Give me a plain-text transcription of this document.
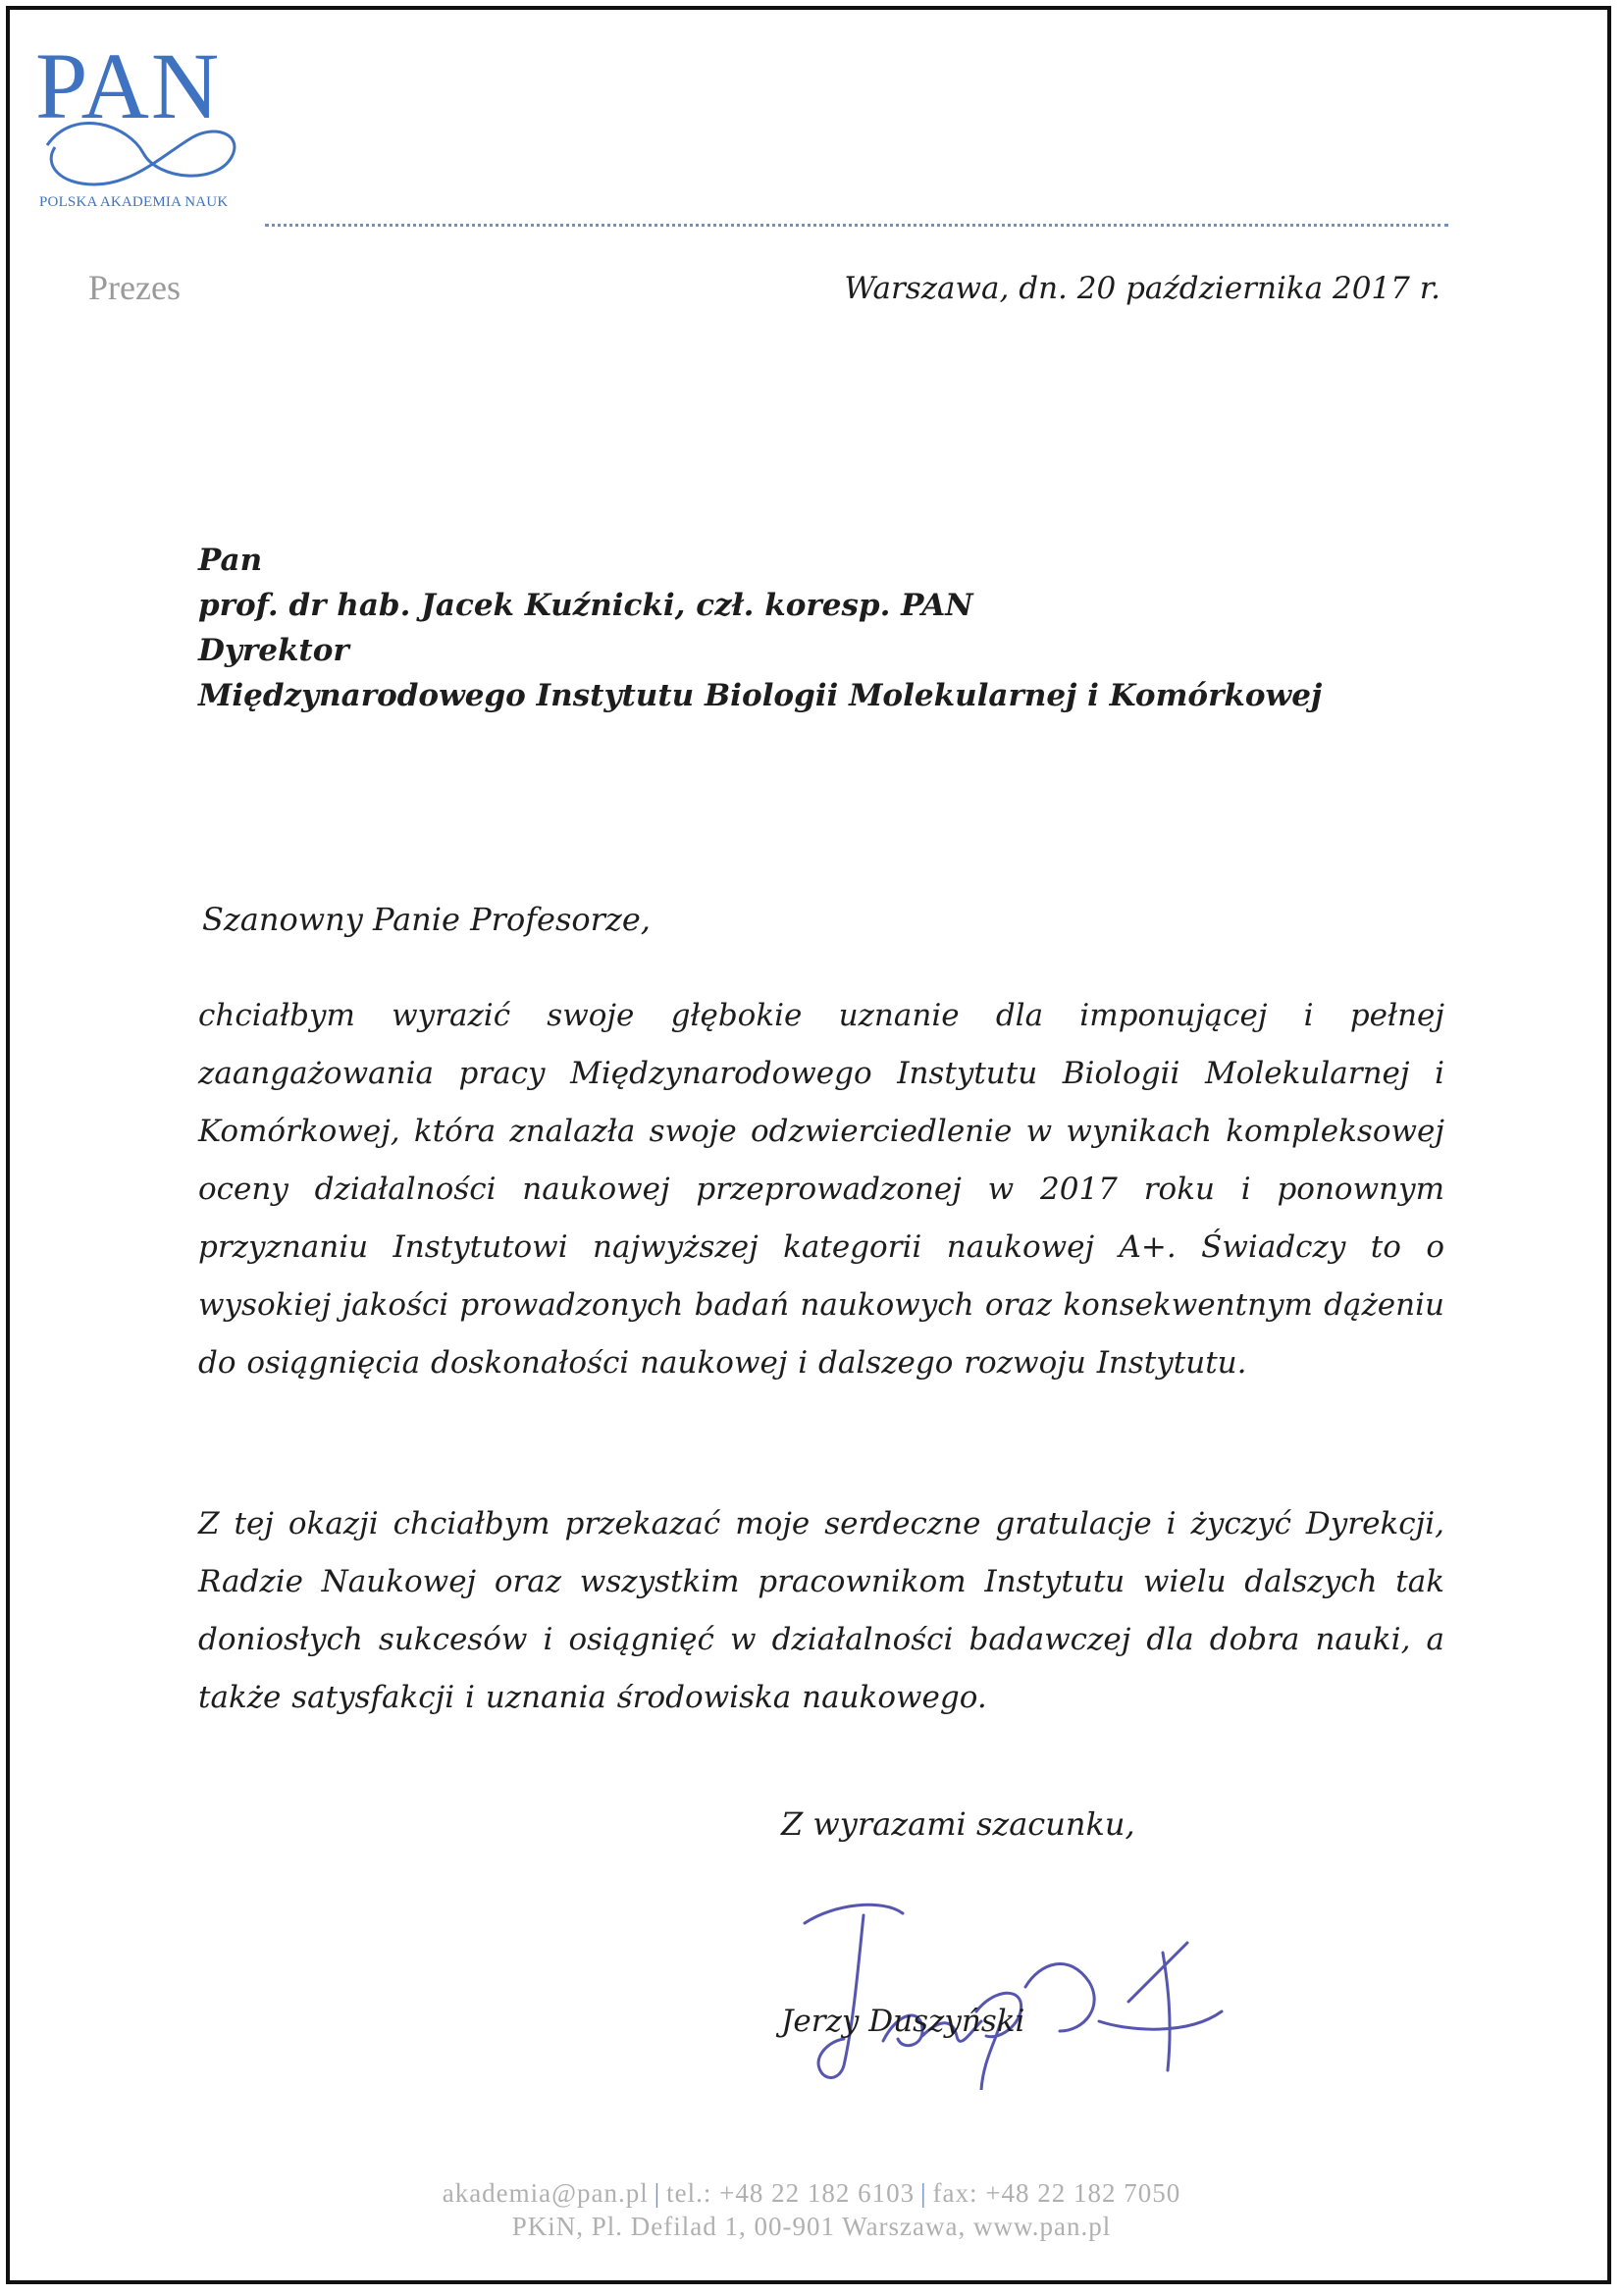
PAN
POLSKA AKADEMIA NAUK
Prezes	Warszawa, dn. 20 października 2017 r.
Pan
prof. dr hab. Jacek Kuźnicki, czł. koresp. PAN
Dyrektor
Międzynarodowego Instytutu Biologii Molekularnej i Komórkowej
Szanowny Panie Profesorze,
chciałbym wyrazić swoje głębokie uznanie dla imponującej i pełnej zaangażowania pracy Międzynarodowego Instytutu Biologii Molekularnej i Komórkowej, która znalazła swoje odzwierciedlenie w wynikach kompleksowej oceny działalności naukowej przeprowadzonej w 2017 roku i ponownym przyznaniu Instytutowi najwyższej kategorii naukowej A+. Świadczy to o wysokiej jakości prowadzonych badań naukowych oraz konsekwentnym dążeniu do osiągnięcia doskonałości naukowej i dalszego rozwoju Instytutu.
Z tej okazji chciałbym przekazać moje serdeczne gratulacje i życzyć Dyrekcji, Radzie Naukowej oraz wszystkim pracownikom Instytutu wielu dalszych tak doniosłych sukcesów i osiągnięć w działalności badawczej dla dobra nauki, a także satysfakcji i uznania środowiska naukowego.
Z wyrazami szacunku,
Jerzy Duszyński
akademia@pan.pl | tel.: +48 22 182 6103 | fax: +48 22 182 7050
PKiN, Pl. Defilad 1, 00-901 Warszawa, www.pan.pl
